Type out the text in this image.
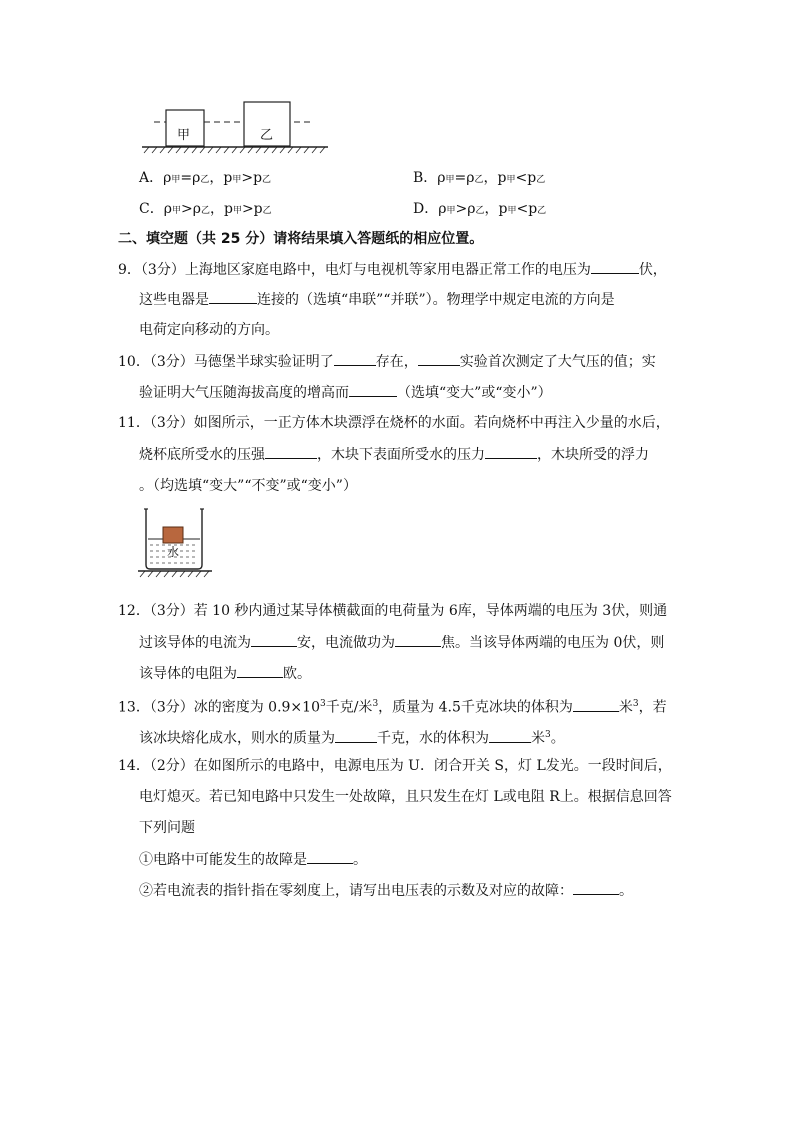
甲	乙
A．ρ甲=ρ乙，p甲>p乙	B．ρ甲=ρ乙，p甲<p乙
C．ρ甲>ρ乙，p甲>p乙	D．ρ甲>ρ乙，p甲<p乙
二、填空题（共 25 分）请将结果填入答题纸的相应位置。
9．（3分）上海地区家庭电路中，电灯与电视机等家用电器正常工作的电压为	伏，
这些电器是	连接的（选填“串联”“并联”）。物理学中规定电流的方向是
电荷定向移动的方向。
10．（3分）马德堡半球实验证明了	存在，	实验首次测定了大气压的值；实
验证明大气压随海拔高度的增高而	（选填“变大”或“变小”）
11．（3分）如图所示，一正方体木块漂浮在烧杯的水面。若向烧杯中再注入少量的水后，
烧杯底所受水的压强	，木块下表面所受水的压力	，木块所受的浮力
。（均选填“变大”“不变”或“变小”）
水
12．（3分）若 10 秒内通过某导体横截面的电荷量为 6库，导体两端的电压为 3伏，则通
过该导体的电流为	安，电流做功为	焦。当该导体两端的电压为 0伏，则
该导体的电阻为	欧。
13．（3分）冰的密度为 $0.9\times 10^3$千克/米$^3$，质量为 4.5千克冰块的体积为	米$^3$，若
该冰块熔化成水，则水的质量为	千克，水的体积为	米$^3$。
14．（2分）在如图所示的电路中，电源电压为 U．闭合开关 S，灯 L发光。一段时间后，
电灯熄灭。若已知电路中只发生一处故障，且只发生在灯 L或电阻 R上。根据信息回答
下列问题
①电路中可能发生的故障是	。
②若电流表的指针指在零刻度上，请写出电压表的示数及对应的故障：	。
